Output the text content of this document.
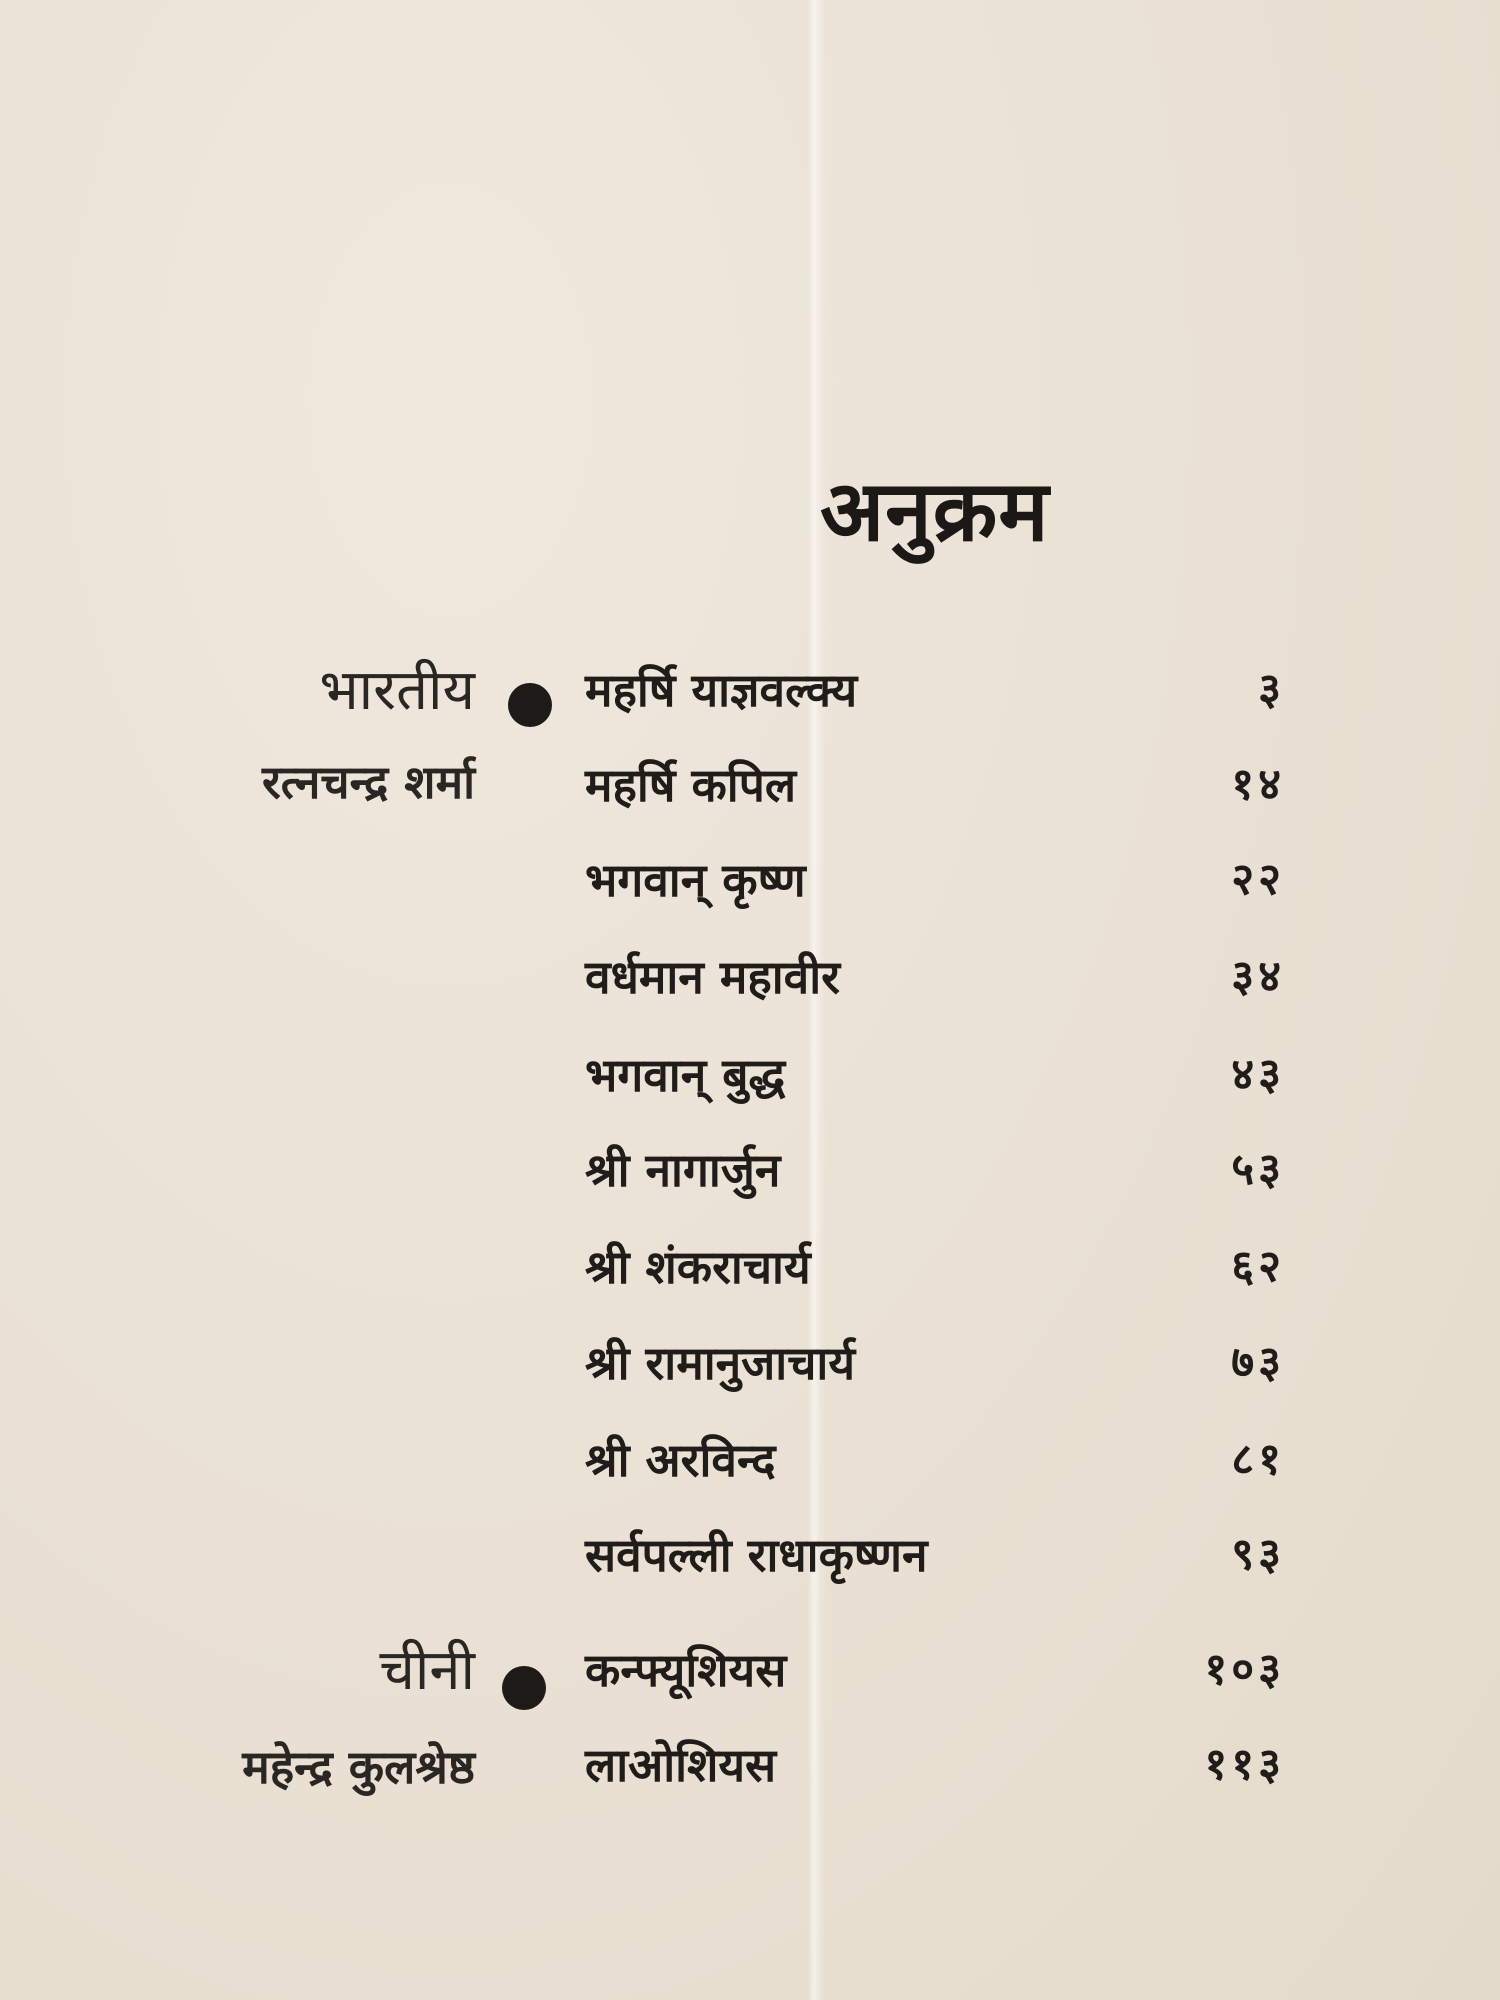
अनुक्रम
भारतीय
रत्नचन्द्र शर्मा
महर्षि याज्ञवल्क्य	३
महर्षि कपिल	१४
भगवान् कृष्ण	२२
वर्धमान महावीर	३४
भगवान् बुद्ध	४३
श्री नागार्जुन	५३
श्री शंकराचार्य	६२
श्री रामानुजाचार्य	७३
श्री अरविन्द	८१
सर्वपल्ली राधाकृष्णन	९३
चीनी
महेन्द्र कुलश्रेष्ठ
कन्फ्यूशियस	१०३
लाओशियस	११३
